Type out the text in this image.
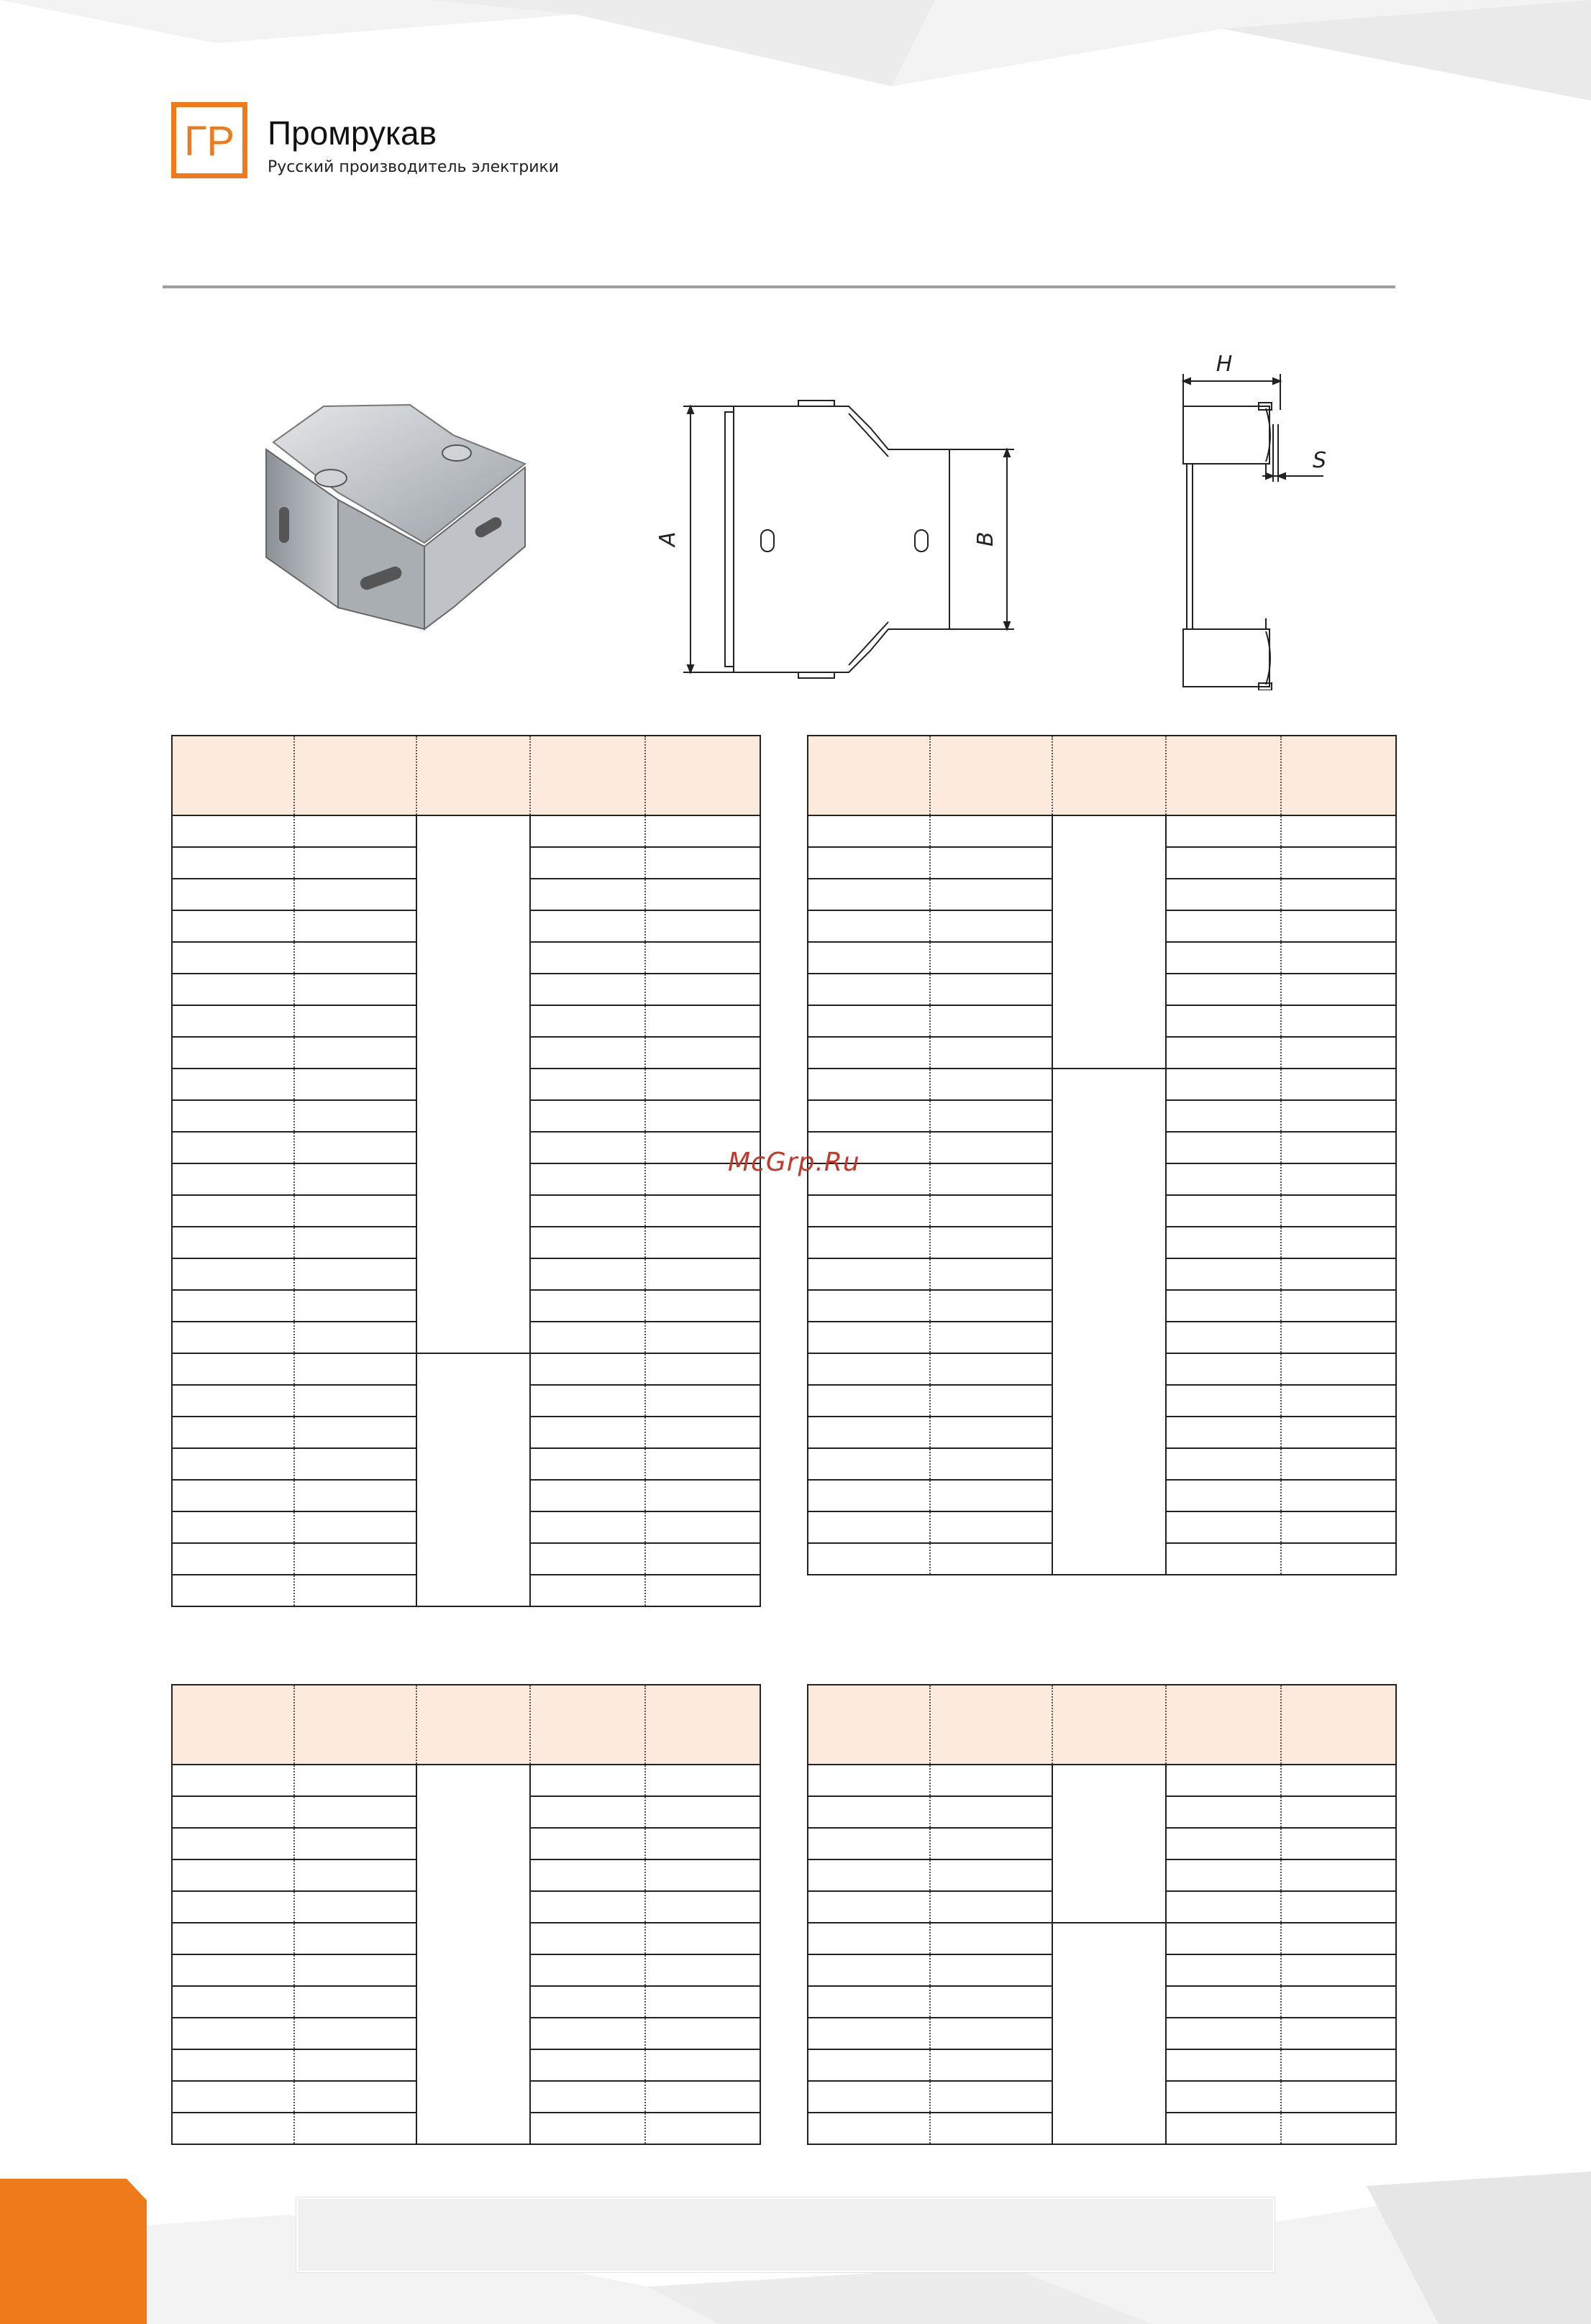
ГР Промрукав
Русский производитель электрики
A	B
H
S

McGrp.Ru
